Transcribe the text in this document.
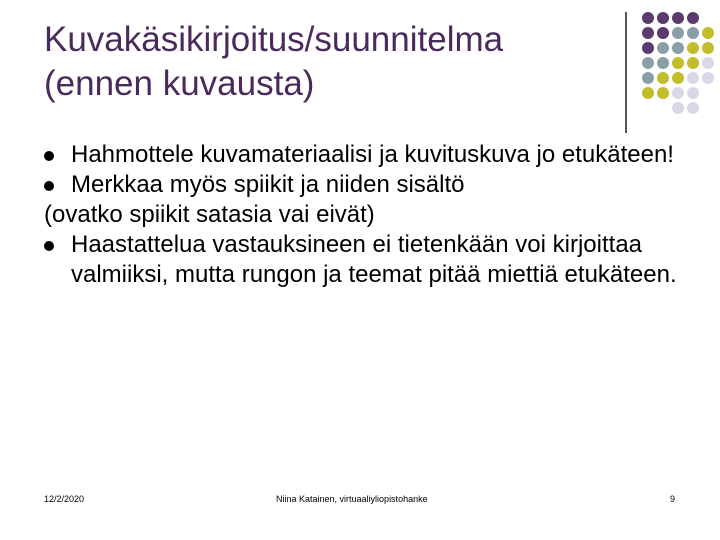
Kuvakäsikirjoitus/suunnitelma
(ennen kuvausta)

Hahmottele kuvamateriaalisi ja kuvituskuva jo etukäteen!

Merkkaa myös spiikit ja niiden sisältö

(ovatko spiikit satasia vai eivät)

Haastattelua vastauksineen ei tietenkään voi kirjoittaa valmiiksi, mutta rungon ja teemat pitää miettiä etukäteen.

12/2/2020	Niina Katainen, virtuaaliyliopistohanke	9
